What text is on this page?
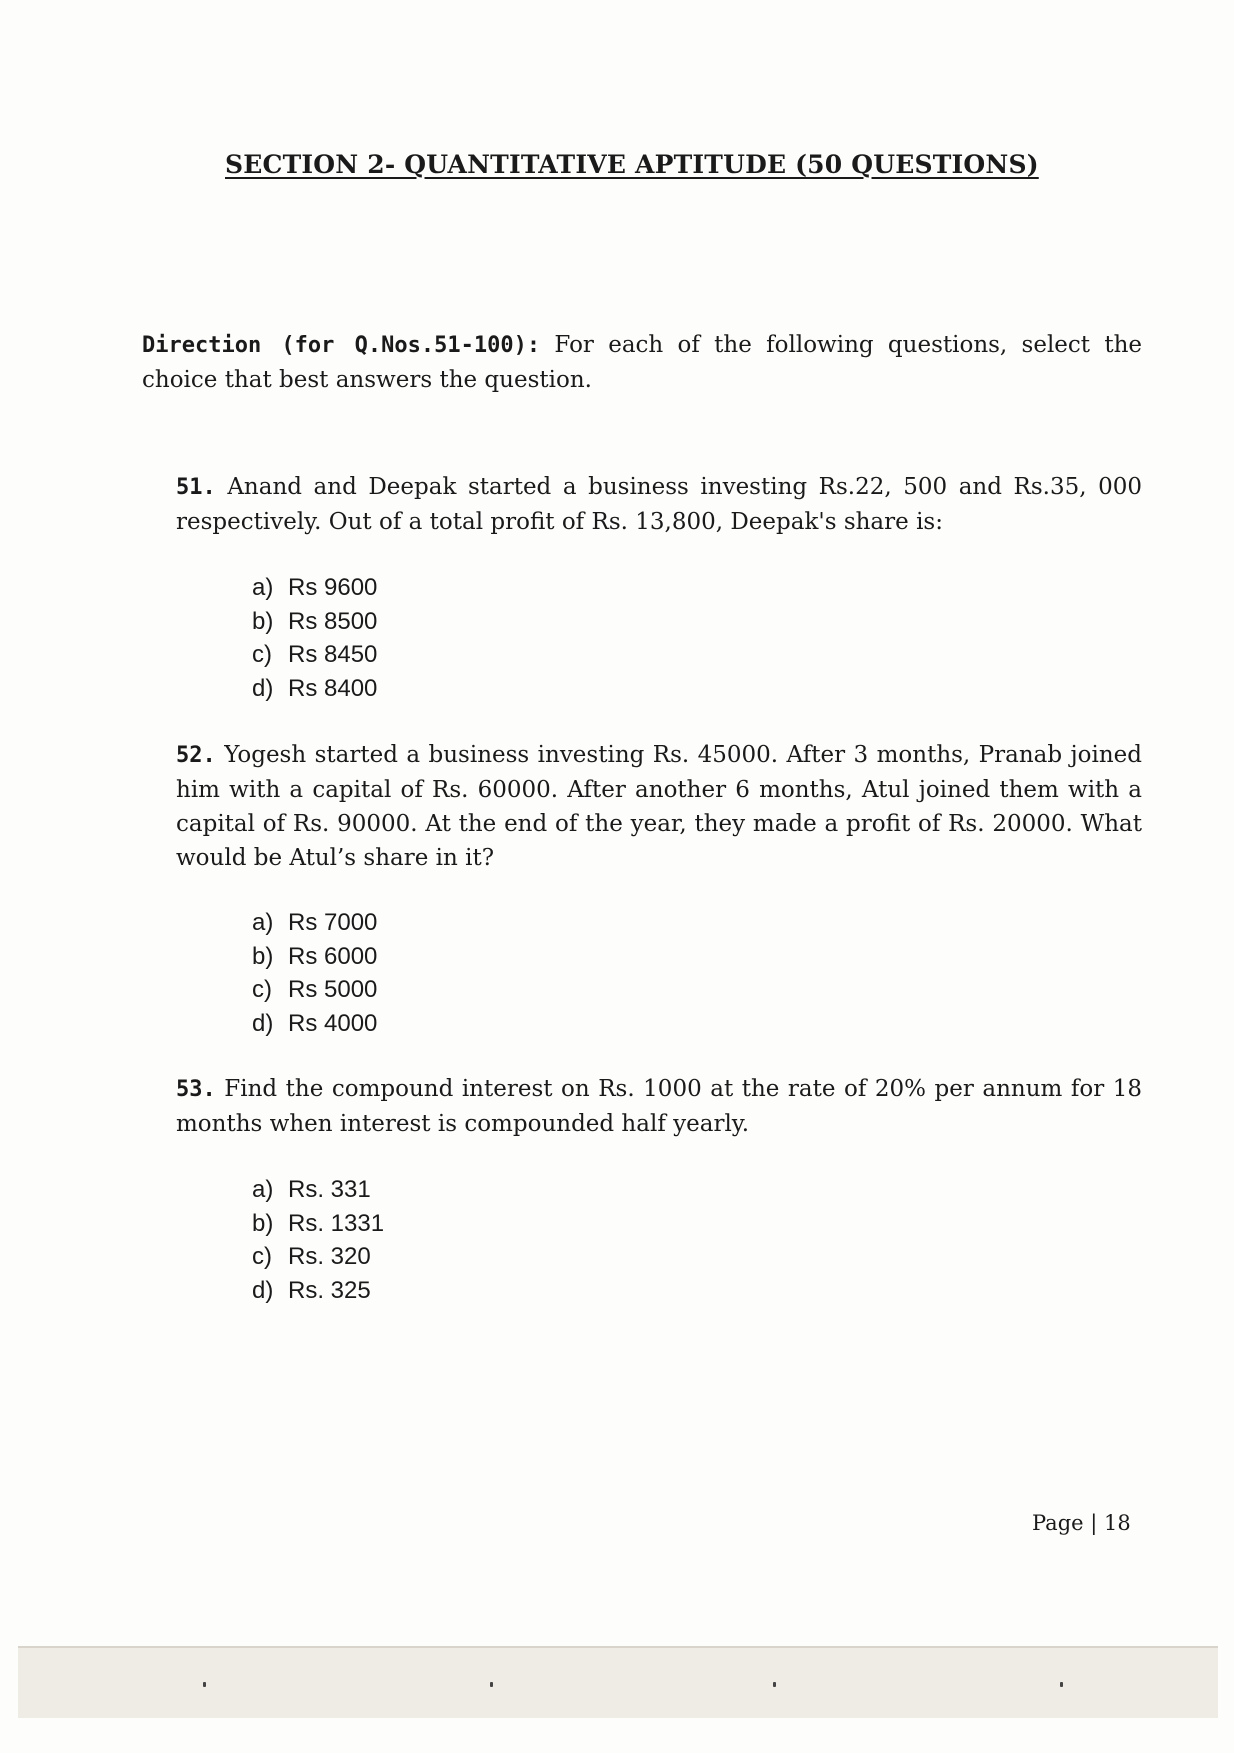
SECTION 2- QUANTITATIVE APTITUDE (50 QUESTIONS)

Direction (for Q.Nos.51-100): For each of the following questions, select the choice that best answers the question.

51. Anand and Deepak started a business investing Rs.22, 500 and Rs.35, 000 respectively. Out of a total profit of Rs. 13,800, Deepak's share is:

a) Rs 9600
b) Rs 8500
c) Rs 8450
d) Rs 8400

52. Yogesh started a business investing Rs. 45000. After 3 months, Pranab joined him with a capital of Rs. 60000. After another 6 months, Atul joined them with a capital of Rs. 90000. At the end of the year, they made a profit of Rs. 20000. What would be Atul’s share in it?

a) Rs 7000
b) Rs 6000
c) Rs 5000
d) Rs 4000

53. Find the compound interest on Rs. 1000 at the rate of 20% per annum for 18 months when interest is compounded half yearly.

a) Rs. 331
b) Rs. 1331
c) Rs. 320
d) Rs. 325

Page | 18
